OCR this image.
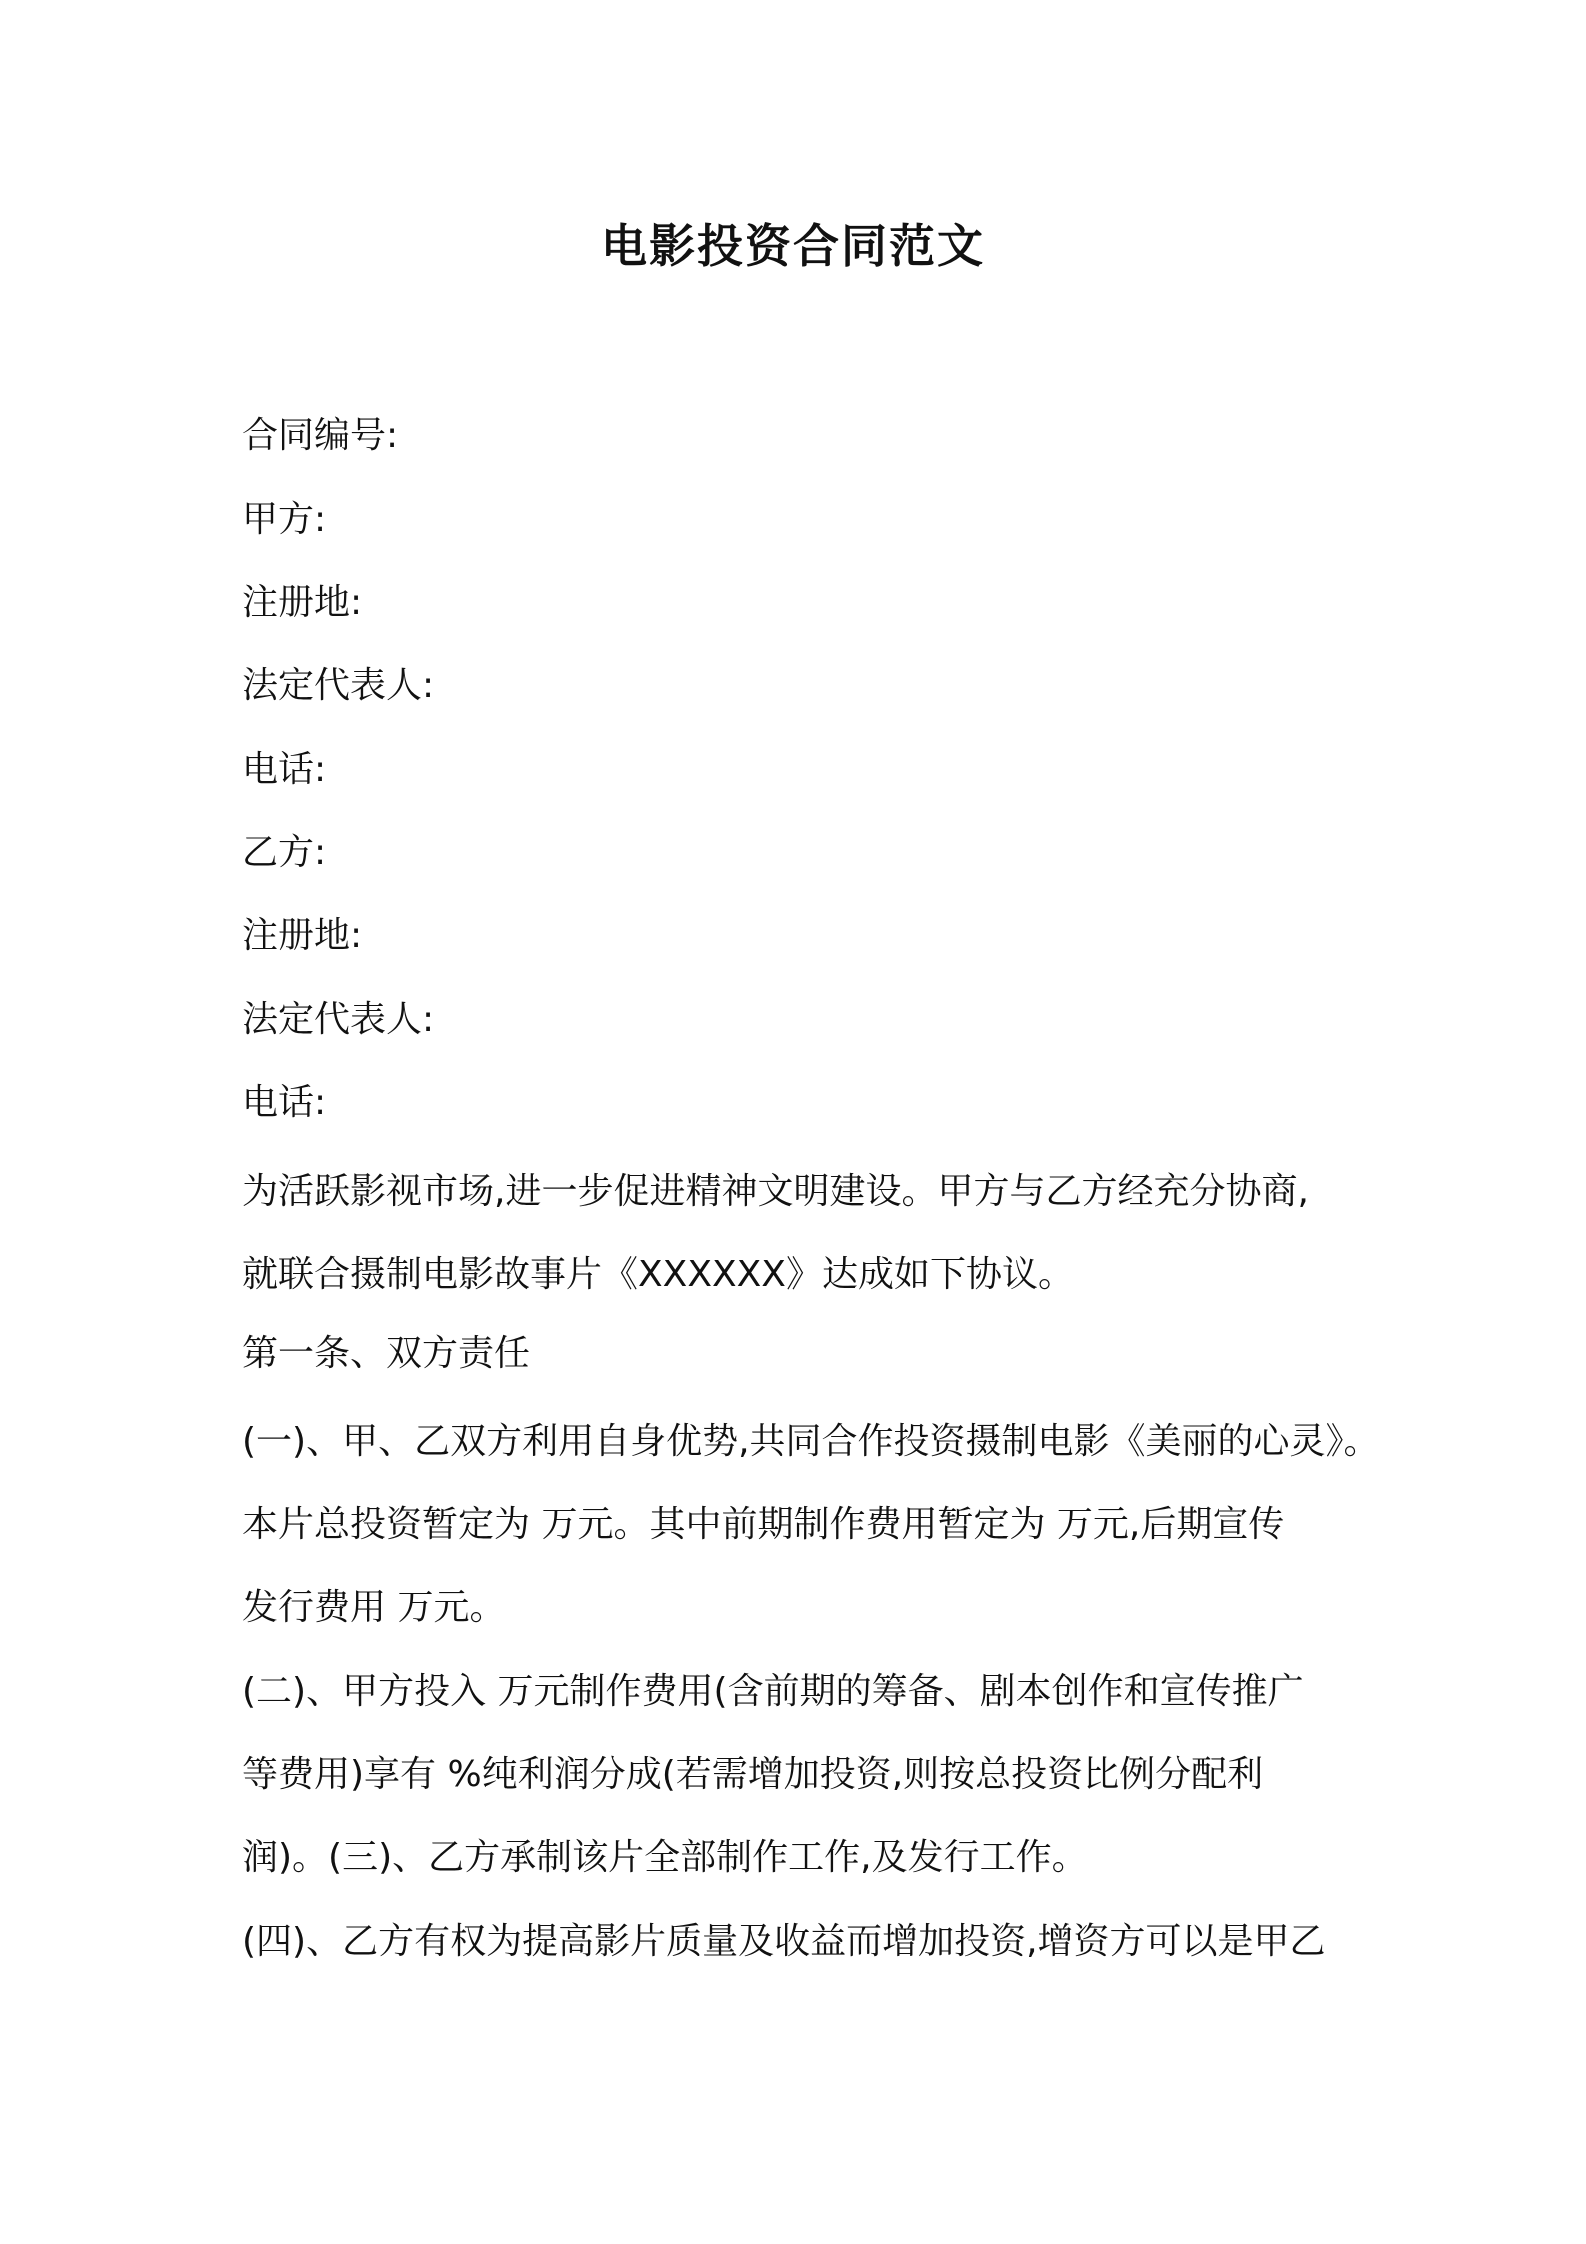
电影投资合同范文

合同编号:

甲方:

注册地:

法定代表人:

电话:

乙方:

注册地:

法定代表人:

电话:

为活跃影视市场,进一步促进精神文明建设。甲方与乙方经充分协商,
就联合摄制电影故事片《XXXXXX》达成如下协议。

第一条、双方责任

(一)、甲、乙双方利用自身优势,共同合作投资摄制电影《美丽的心灵》。
本片总投资暂定为 万元。其中前期制作费用暂定为 万元,后期宣传
发行费用 万元。
(二)、甲方投入 万元制作费用(含前期的筹备、剧本创作和宣传推广
等费用)享有 %纯利润分成(若需增加投资,则按总投资比例分配利
润)。(三)、乙方承制该片全部制作工作,及发行工作。
(四)、乙方有权为提高影片质量及收益而增加投资,增资方可以是甲乙
